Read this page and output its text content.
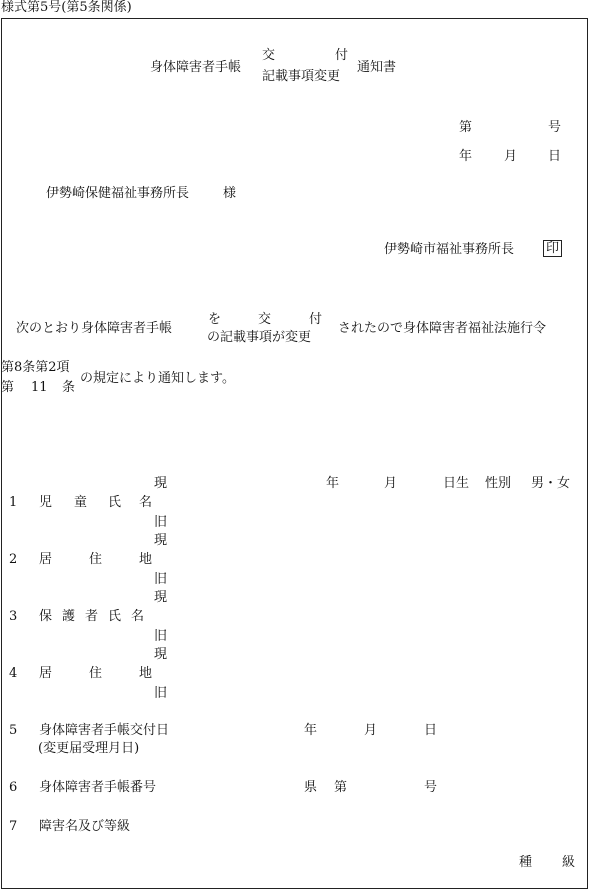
様式第5号(第5条関係)
身体障害者手帳
交	付
記載事項変更
通知書
第	号
年 月 日
伊勢崎保健福祉事務所長	様
伊勢崎市福祉事務所長 印
次のとおり身体障害者手帳
を	交	付
の記載事項が変更
されたので身体障害者福祉法施行令
第8条第2項
第 11 条
の規定により通知します。
現	年	月	日生 性別 男・女
1 児 童 氏 名
旧
現
2 居	住	地
旧
現
3 保 護 者 氏 名
旧
現
4 居	住	地
旧
5 身体障害者手帳交付日	年	月	日
(変更届受理月日)
6 身体障害者手帳番号	県 第	号
7 障害名及び等級
種 級
